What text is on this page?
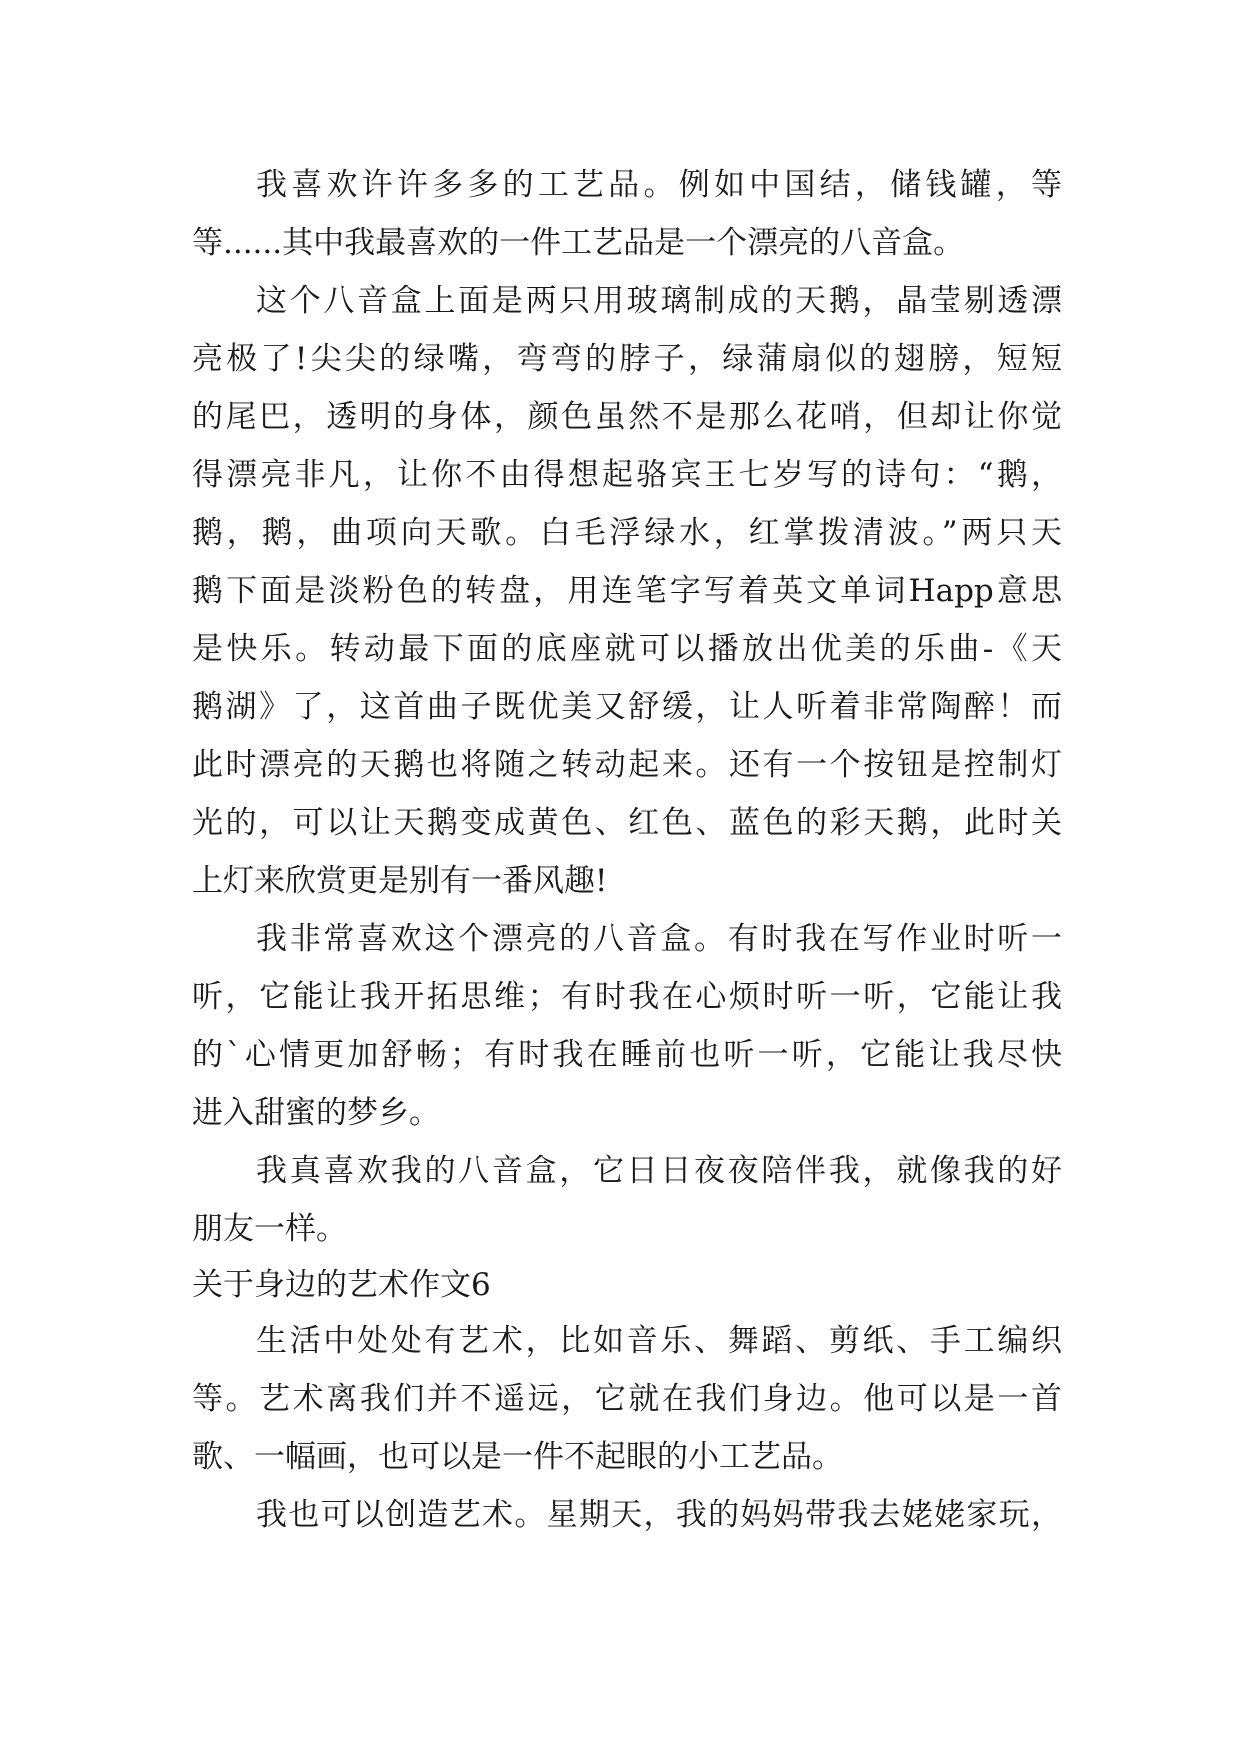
我喜欢许许多多的工艺品。例如中国结，储钱罐，等
等......其中我最喜欢的一件工艺品是一个漂亮的八音盒。
这个八音盒上面是两只用玻璃制成的天鹅，晶莹剔透漂
亮极了!尖尖的绿嘴，弯弯的脖子，绿蒲扇似的翅膀，短短
的尾巴，透明的身体，颜色虽然不是那么花哨，但却让你觉
得漂亮非凡，让你不由得想起骆宾王七岁写的诗句：“鹅，
鹅，鹅，曲项向天歌。白毛浮绿水，红掌拨清波。”两只天
鹅下面是淡粉色的转盘，用连笔字写着英文单词Happ意思
是快乐。转动最下面的底座就可以播放出优美的乐曲-《天
鹅湖》了，这首曲子既优美又舒缓，让人听着非常陶醉！而
此时漂亮的天鹅也将随之转动起来。还有一个按钮是控制灯
光的，可以让天鹅变成黄色、红色、蓝色的彩天鹅，此时关
上灯来欣赏更是别有一番风趣!
我非常喜欢这个漂亮的八音盒。有时我在写作业时听一
听，它能让我开拓思维；有时我在心烦时听一听，它能让我
的`心情更加舒畅；有时我在睡前也听一听，它能让我尽快
进入甜蜜的梦乡。
我真喜欢我的八音盒，它日日夜夜陪伴我，就像我的好
朋友一样。
关于身边的艺术作文6
生活中处处有艺术，比如音乐、舞蹈、剪纸、手工编织
等。艺术离我们并不遥远，它就在我们身边。他可以是一首
歌、一幅画，也可以是一件不起眼的小工艺品。
我也可以创造艺术。星期天，我的妈妈带我去姥姥家玩，
